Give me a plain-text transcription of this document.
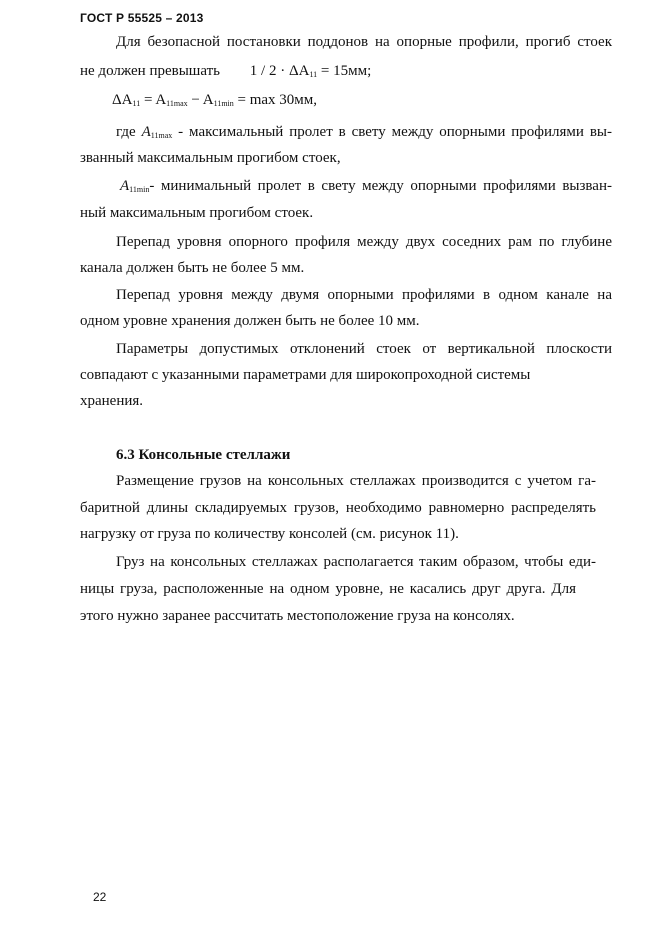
ГОСТ Р 55525 – 2013
Для безопасной постановки поддонов на опорные профили, прогиб стоек
не должен превышать $1 / 2 \cdot \Delta A_{11} = 15мм$;
$\Delta A_{11} = A_{11max} - A_{11min} = \max 30мм$,
где $A_{11max}$ - максимальный пролет в свету между опорными профилями вы-
званный максимальным прогибом стоек,
$A_{11min}-$ минимальный пролет в свету между опорными профилями вызван-
ный максимальным прогибом стоек.
Перепад уровня опорного профиля между двух соседних рам по глубине
канала должен быть не более 5 мм.
Перепад уровня между двумя опорными профилями в одном канале на
одном уровне хранения должен быть не более 10 мм.
Параметры допустимых отклонений стоек от вертикальной плоскости
совпадают с указанными параметрами для широкопроходной системы
хранения.
6.3 Консольные стеллажи
Размещение грузов на консольных стеллажах производится с учетом га-
баритной длины складируемых грузов, необходимо равномерно распределять
нагрузку от груза по количеству консолей (см. рисунок 11).
Груз на консольных стеллажах располагается таким образом, чтобы еди-
ницы груза, расположенные на одном уровне, не касались друг друга. Для
этого нужно заранее рассчитать местоположение груза на консолях.
22
